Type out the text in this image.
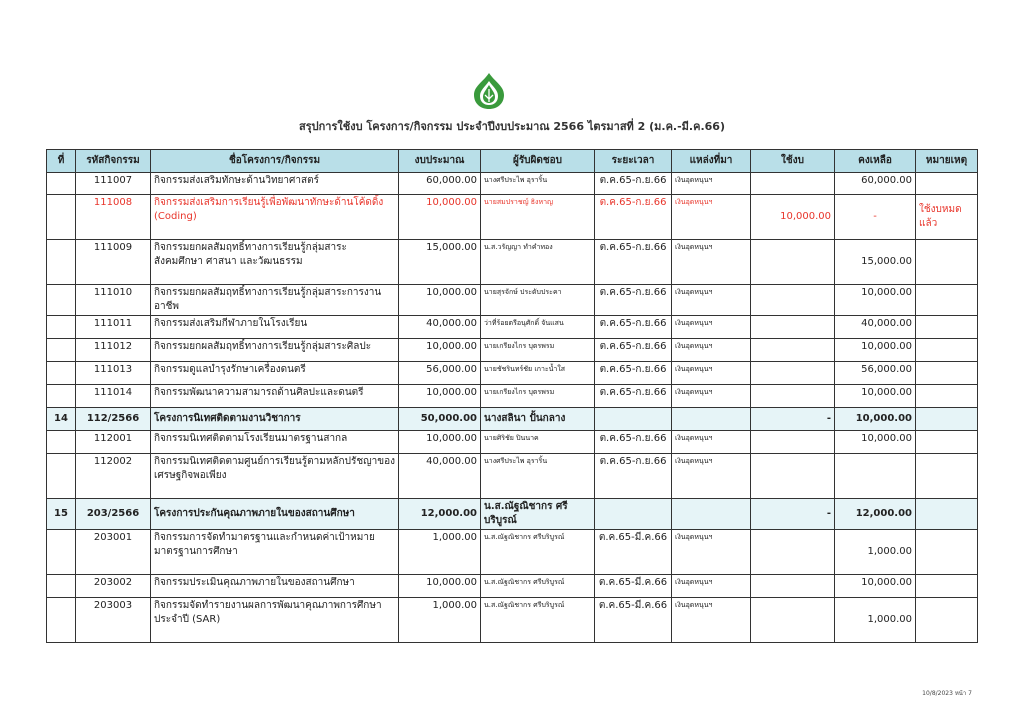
สรุปการใช้งบ โครงการ/กิจกรรม ประจำปีงบประมาณ 2566 ไตรมาสที่ 2 (ม.ค.-มี.ค.66)
ที่	รหัสกิจกรรม	ชื่อโครงการ/กิจกรรม	งบประมาณ	ผู้รับผิดชอบ	ระยะเวลา	แหล่งที่มา	ใช้งบ	คงเหลือ	หมายเหตุ
	111007	กิจกรรมส่งเสริมทักษะด้านวิทยาศาสตร์	60,000.00	นางศรีประไพ อุราริ้น	ต.ค.65-ก.ย.66	เงินอุดหนุนฯ		60,000.00	
	111008	กิจกรรมส่งเสริมการเรียนรู้เพื่อพัฒนาทักษะด้านโค้ดดิ้ง (Coding)	10,000.00	นายสมปราชญ์ ธิงหาญ	ต.ค.65-ก.ย.66	เงินอุดหนุนฯ	10,000.00	-	ใช้งบหมดแล้ว
	111009	กิจกรรมยกผลสัมฤทธิ์ทางการเรียนรู้กลุ่มสาระสังคมศึกษา ศาสนา และวัฒนธรรม	15,000.00	น.ส.วรัญญา ทำคำทอง	ต.ค.65-ก.ย.66	เงินอุดหนุนฯ		15,000.00	
	111010	กิจกรรมยกผลสัมฤทธิ์ทางการเรียนรู้กลุ่มสาระการงานอาชีพ	10,000.00	นายสุรจักษ์ ประดับประคา	ต.ค.65-ก.ย.66	เงินอุดหนุนฯ		10,000.00	
	111011	กิจกรรมส่งเสริมกีฬาภายในโรงเรียน	40,000.00	ว่าที่ร้อยตรีอนุศักดิ์ จันแสน	ต.ค.65-ก.ย.66	เงินอุดหนุนฯ		40,000.00	
	111012	กิจกรรมยกผลสัมฤทธิ์ทางการเรียนรู้กลุ่มสาระศิลปะ	10,000.00	นายเกรียงไกร บุตรพรม	ต.ค.65-ก.ย.66	เงินอุดหนุนฯ		10,000.00	
	111013	กิจกรรมดูแลบำรุงรักษาเครื่องดนตรี	56,000.00	นายชัชรินทร์ชัย เกาะน้ำใส	ต.ค.65-ก.ย.66	เงินอุดหนุนฯ		56,000.00	
	111014	กิจกรรมพัฒนาความสามารถด้านศิลปะและดนตรี	10,000.00	นายเกรียงไกร บุตรพรม	ต.ค.65-ก.ย.66	เงินอุดหนุนฯ		10,000.00	
14	112/2566	โครงการนิเทศติดตามงานวิชาการ	50,000.00	นางสลินา ปั้นกลาง			-	10,000.00	
	112001	กิจกรรมนิเทศติดตามโรงเรียนมาตรฐานสากล	10,000.00	นายศิริชัย ปินนาค	ต.ค.65-ก.ย.66	เงินอุดหนุนฯ		10,000.00	
	112002	กิจกรรมนิเทศติดตามศูนย์การเรียนรู้ตามหลักปรัชญาของเศรษฐกิจพอเพียง	40,000.00	นางศรีประไพ อุราริ้น	ต.ค.65-ก.ย.66	เงินอุดหนุนฯ			
15	203/2566	โครงการประกันคุณภาพภายในของสถานศึกษา	12,000.00	น.ส.ณัฐณิชากร ศรีบริบูรณ์			-	12,000.00	
	203001	กิจกรรมการจัดทำมาตรฐานและกำหนดค่าเป้าหมายมาตรฐานการศึกษา	1,000.00	น.ส.ณัฐณิชากร ศรีบริบูรณ์	ต.ค.65-มี.ค.66	เงินอุดหนุนฯ		1,000.00	
	203002	กิจกรรมประเมินคุณภาพภายในของสถานศึกษา	10,000.00	น.ส.ณัฐณิชากร ศรีบริบูรณ์	ต.ค.65-มี.ค.66	เงินอุดหนุนฯ		10,000.00	
	203003	กิจกรรมจัดทำรายงานผลการพัฒนาคุณภาพการศึกษาประจำปี (SAR)	1,000.00	น.ส.ณัฐณิชากร ศรีบริบูรณ์	ต.ค.65-มี.ค.66	เงินอุดหนุนฯ		1,000.00	
10/8/2023 หน้า 7
